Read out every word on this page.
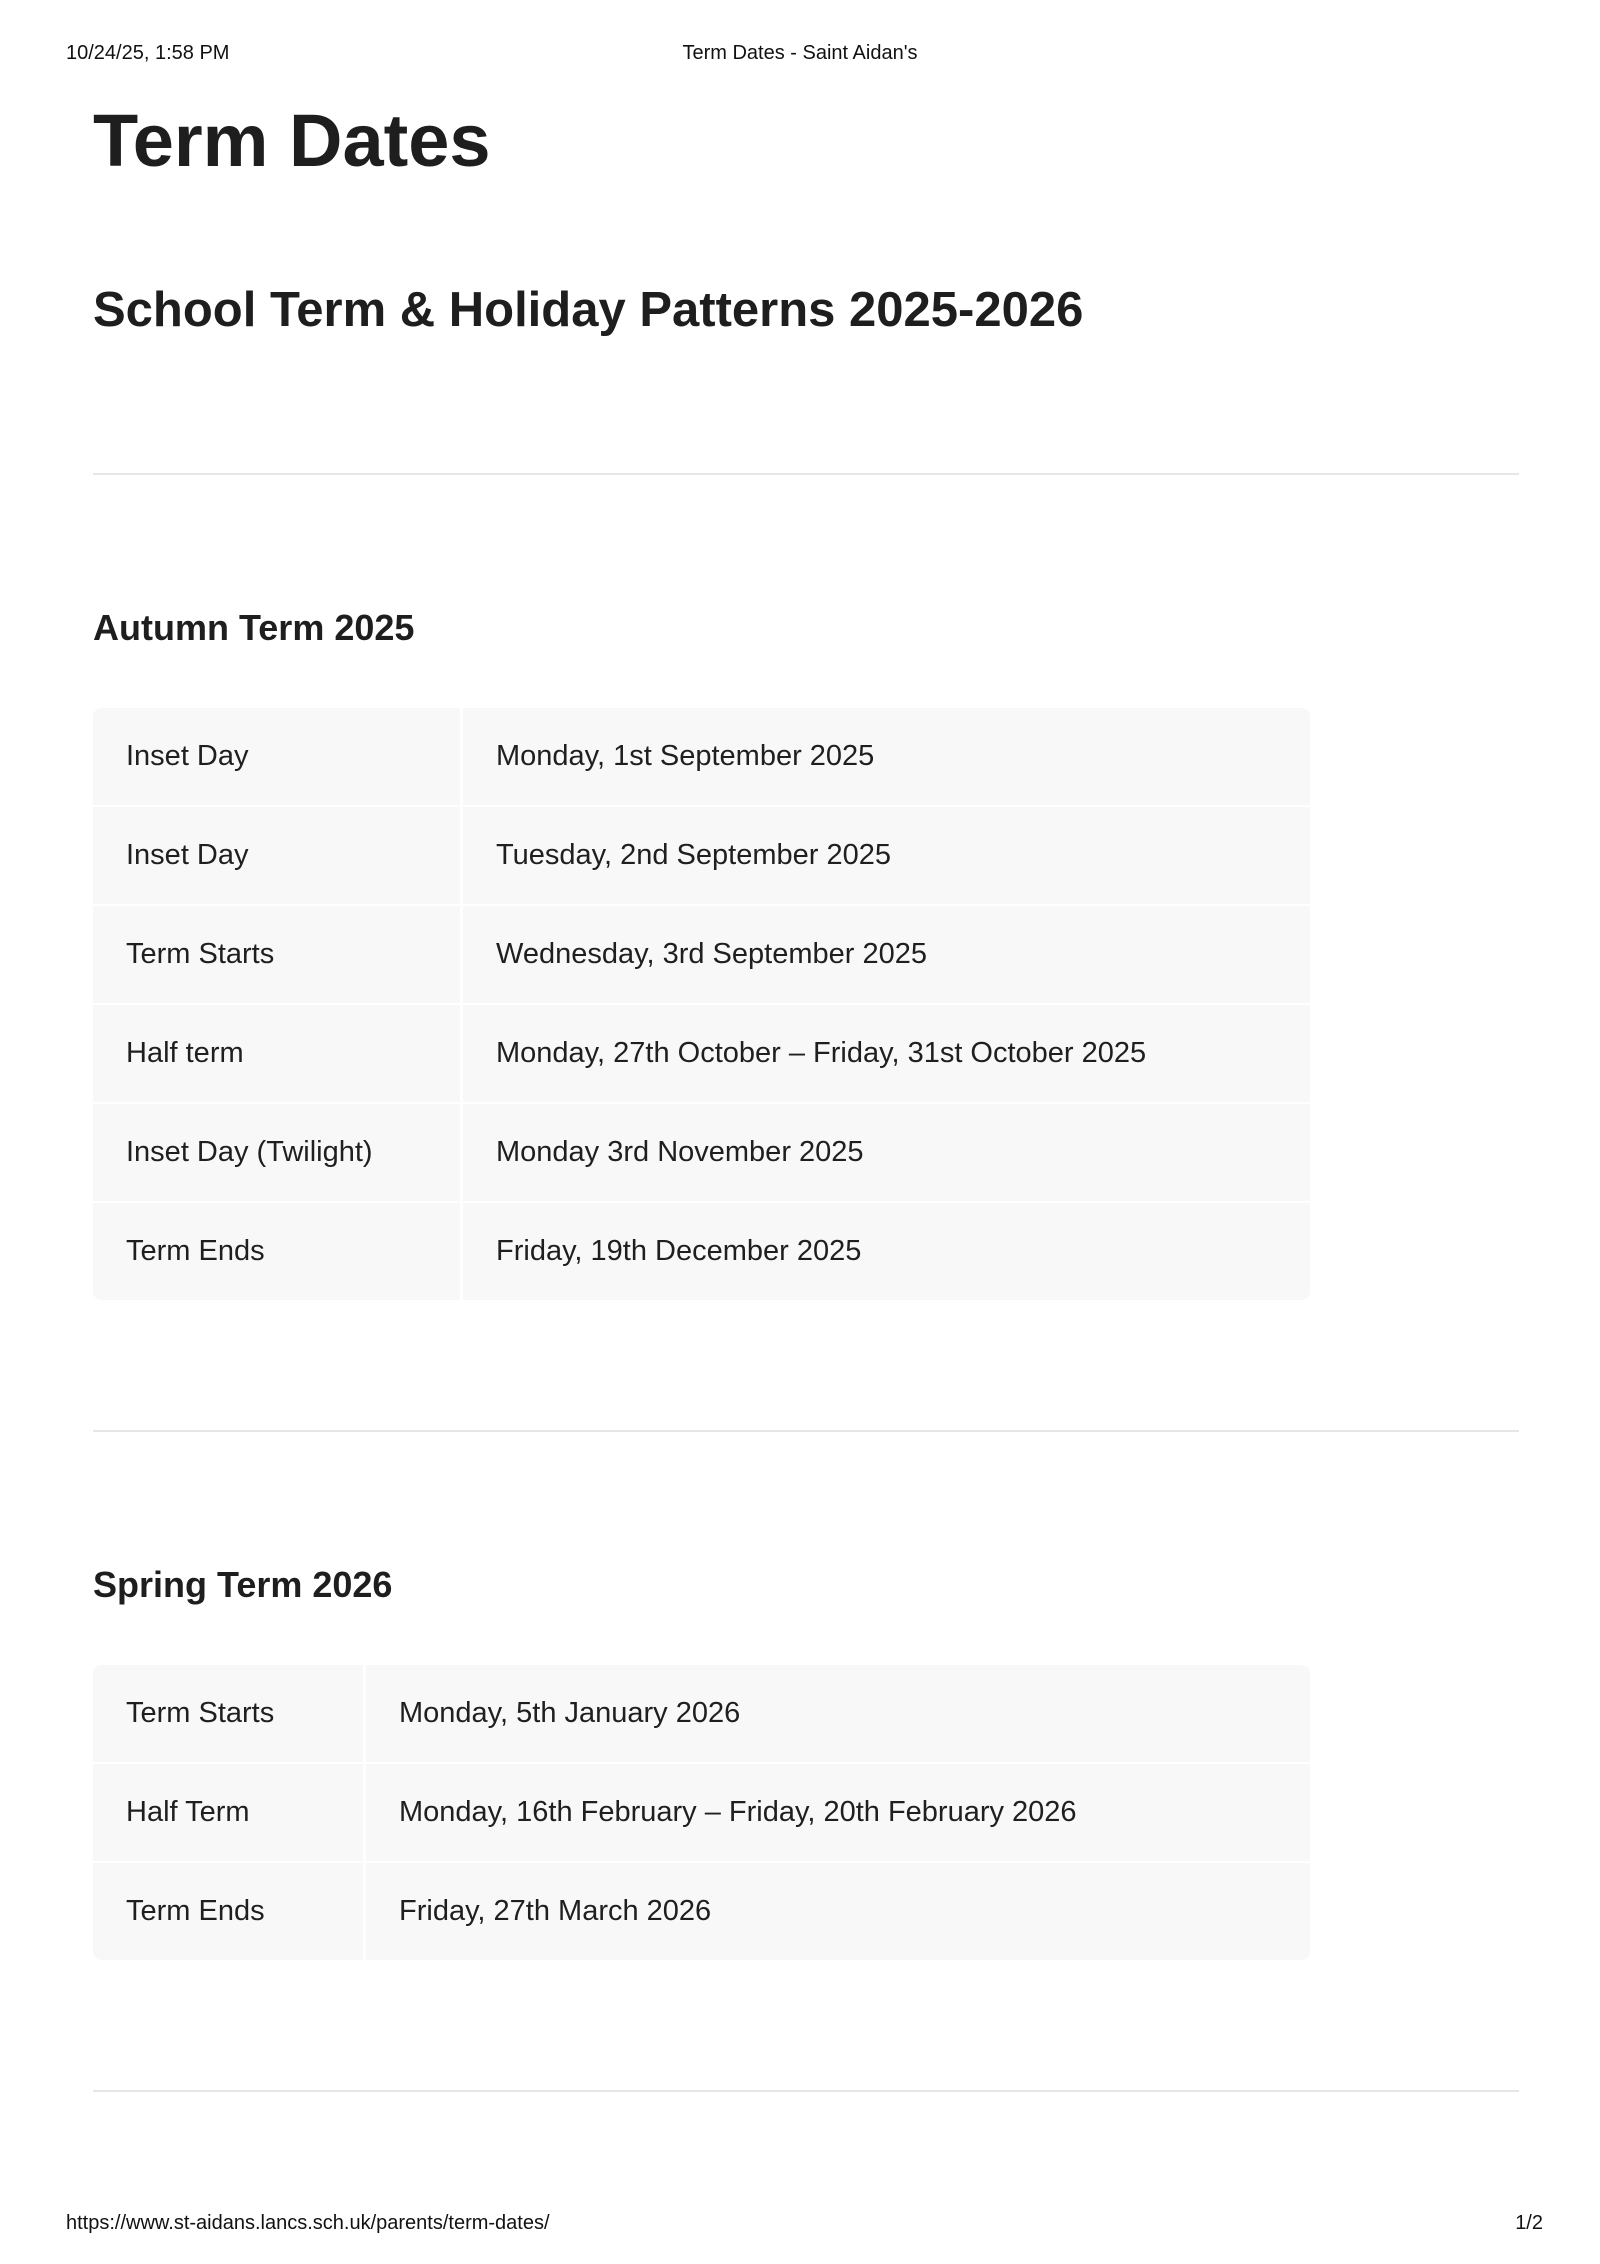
10/24/25, 1:58 PM	Term Dates - Saint Aidan's
Term Dates
School Term & Holiday Patterns 2025-2026
Autumn Term 2025
Inset Day	Monday, 1st September 2025
Inset Day	Tuesday, 2nd September 2025
Term Starts	Wednesday, 3rd September 2025
Half term	Monday, 27th October – Friday, 31st October 2025
Inset Day (Twilight)	Monday 3rd November 2025
Term Ends	Friday, 19th December 2025
Spring Term 2026
Term Starts	Monday, 5th January 2026
Half Term	Monday, 16th February – Friday, 20th February 2026
Term Ends	Friday, 27th March 2026
https://www.st-aidans.lancs.sch.uk/parents/term-dates/	1/2
